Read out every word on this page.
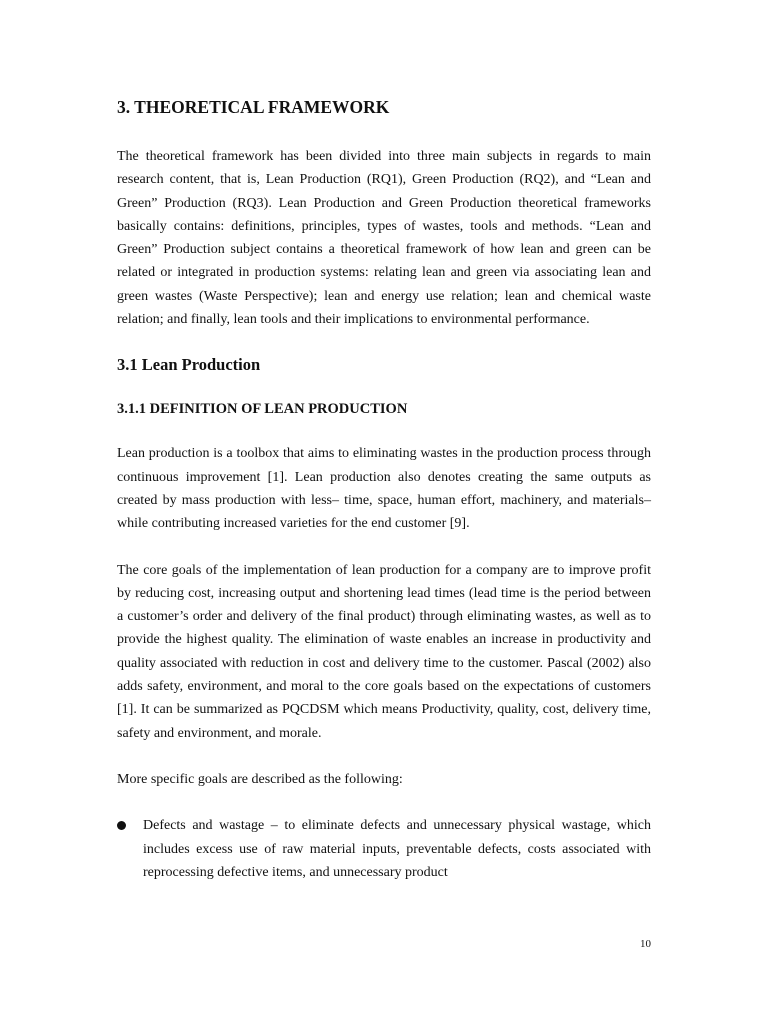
3. THEORETICAL FRAMEWORK

The theoretical framework has been divided into three main subjects in regards to main research content, that is, Lean Production (RQ1), Green Production (RQ2), and “Lean and Green” Production (RQ3). Lean Production and Green Production theoretical frameworks basically contains: definitions, principles, types of wastes, tools and methods. “Lean and Green” Production subject contains a theoretical framework of how lean and green can be related or integrated in production systems: relating lean and green via associating lean and green wastes (Waste Perspective); lean and energy use relation; lean and chemical waste relation; and finally, lean tools and their implications to environmental performance.

3.1 Lean Production
3.1.1 DEFINITION OF LEAN PRODUCTION

Lean production is a toolbox that aims to eliminating wastes in the production process through continuous improvement [1]. Lean production also denotes creating the same outputs as created by mass production with less– time, space, human effort, machinery, and materials– while contributing increased varieties for the end customer [9].

The core goals of the implementation of lean production for a company are to improve profit by reducing cost, increasing output and shortening lead times (lead time is the period between a customer’s order and delivery of the final product) through eliminating wastes, as well as to provide the highest quality. The elimination of waste enables an increase in productivity and quality associated with reduction in cost and delivery time to the customer. Pascal (2002) also adds safety, environment, and moral to the core goals based on the expectations of customers [1]. It can be summarized as PQCDSM which means Productivity, quality, cost, delivery time, safety and environment, and morale.

More specific goals are described as the following:

Defects and wastage – to eliminate defects and unnecessary physical wastage, which includes excess use of raw material inputs, preventable defects, costs associated with reprocessing defective items, and unnecessary product
10
